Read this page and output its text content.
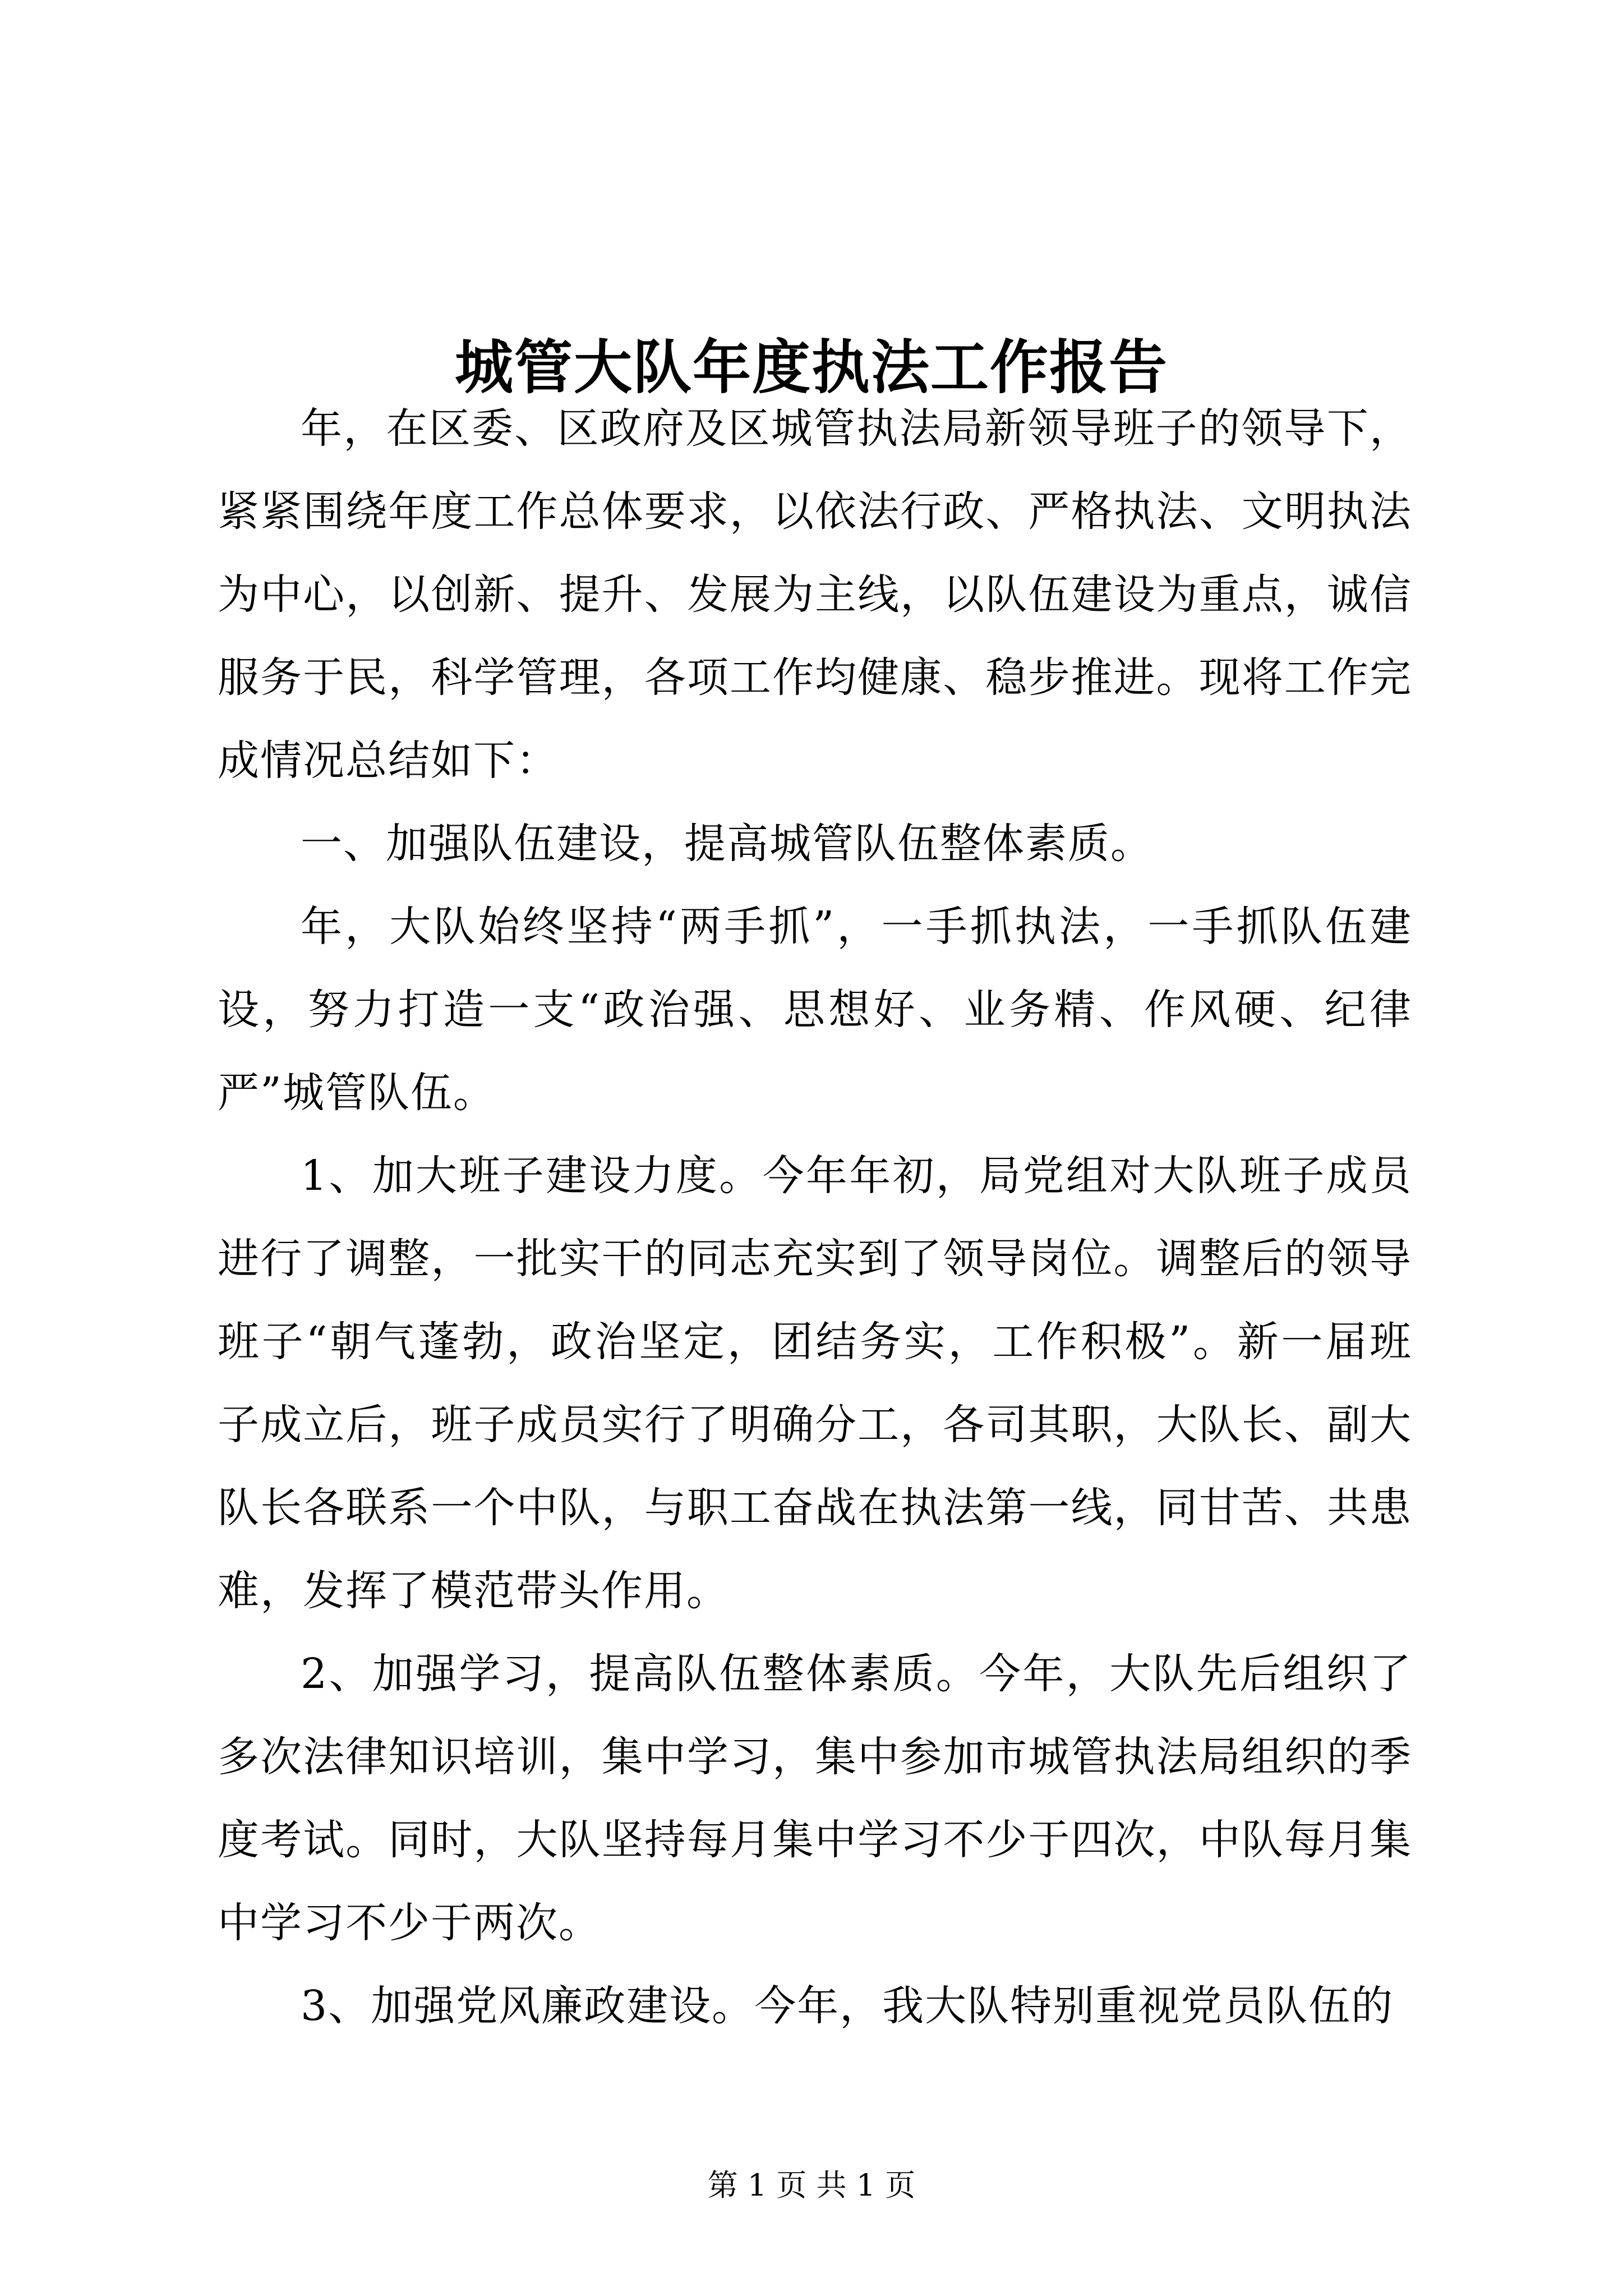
城管大队年度执法工作报告

年，在区委、区政府及区城管执法局新领导班子的领导下，紧紧围绕年度工作总体要求，以依法行政、严格执法、文明执法为中心，以创新、提升、发展为主线，以队伍建设为重点，诚信服务于民，科学管理，各项工作均健康、稳步推进。现将工作完成情况总结如下：

一、加强队伍建设，提高城管队伍整体素质。

年，大队始终坚持“两手抓”，一手抓执法，一手抓队伍建设，努力打造一支“政治强、思想好、业务精、作风硬、纪律严”城管队伍。

1、加大班子建设力度。今年年初，局党组对大队班子成员进行了调整，一批实干的同志充实到了领导岗位。调整后的领导班子“朝气蓬勃，政治坚定，团结务实，工作积极”。新一届班子成立后，班子成员实行了明确分工，各司其职，大队长、副大队长各联系一个中队，与职工奋战在执法第一线，同甘苦、共患难，发挥了模范带头作用。

2、加强学习，提高队伍整体素质。今年，大队先后组织了多次法律知识培训，集中学习，集中参加市城管执法局组织的季度考试。同时，大队坚持每月集中学习不少于四次，中队每月集中学习不少于两次。

3、加强党风廉政建设。今年，我大队特别重视党员队伍的

第 1 页 共 1 页
